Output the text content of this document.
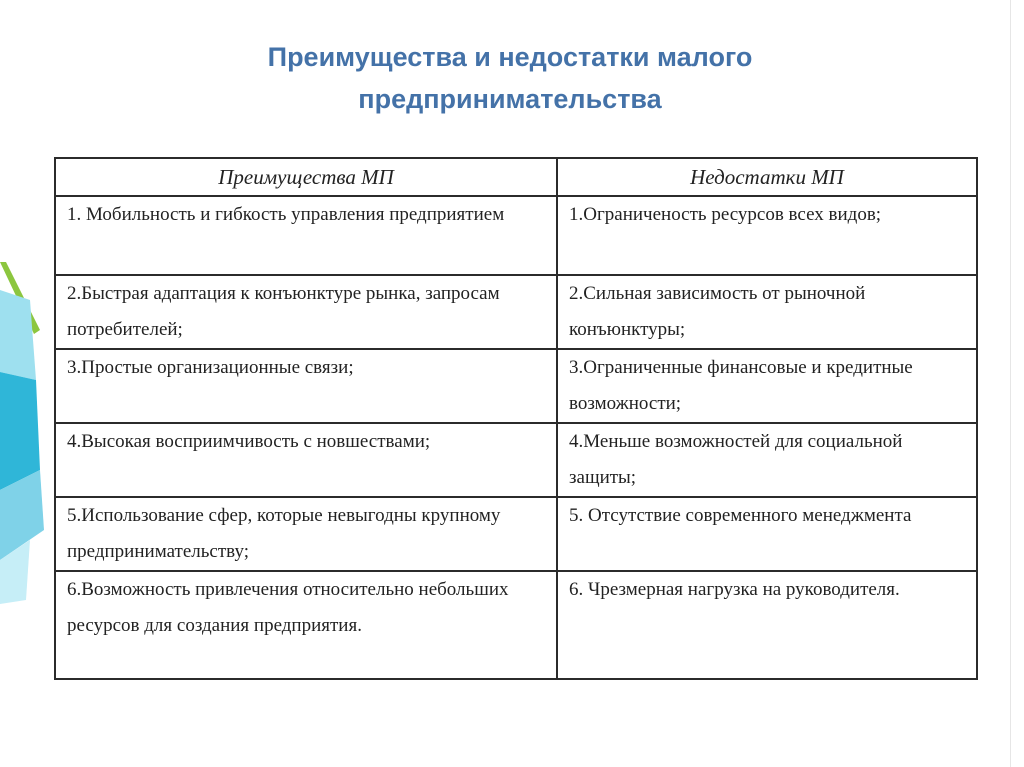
Преимущества и недостатки малого
предпринимательства
Преимущества МП	Недостатки МП
1. Мобильность и гибкость управления предприятием	1.Ограниченость ресурсов всех видов;
2.Быстрая адаптация к конъюнктуре рынка, запросам потребителей;	2.Сильная зависимость от рыночной конъюнктуры;
3.Простые организационные связи;	3.Ограниченные финансовые и кредитные возможности;
4.Высокая восприимчивость с новшествами;	4.Меньше возможностей для социальной защиты;
5.Использование сфер, которые невыгодны крупному предпринимательству;	5. Отсутствие современного менеджмента
6.Возможность привлечения относительно небольших ресурсов для создания предприятия.	6. Чрезмерная нагрузка на руководителя.
